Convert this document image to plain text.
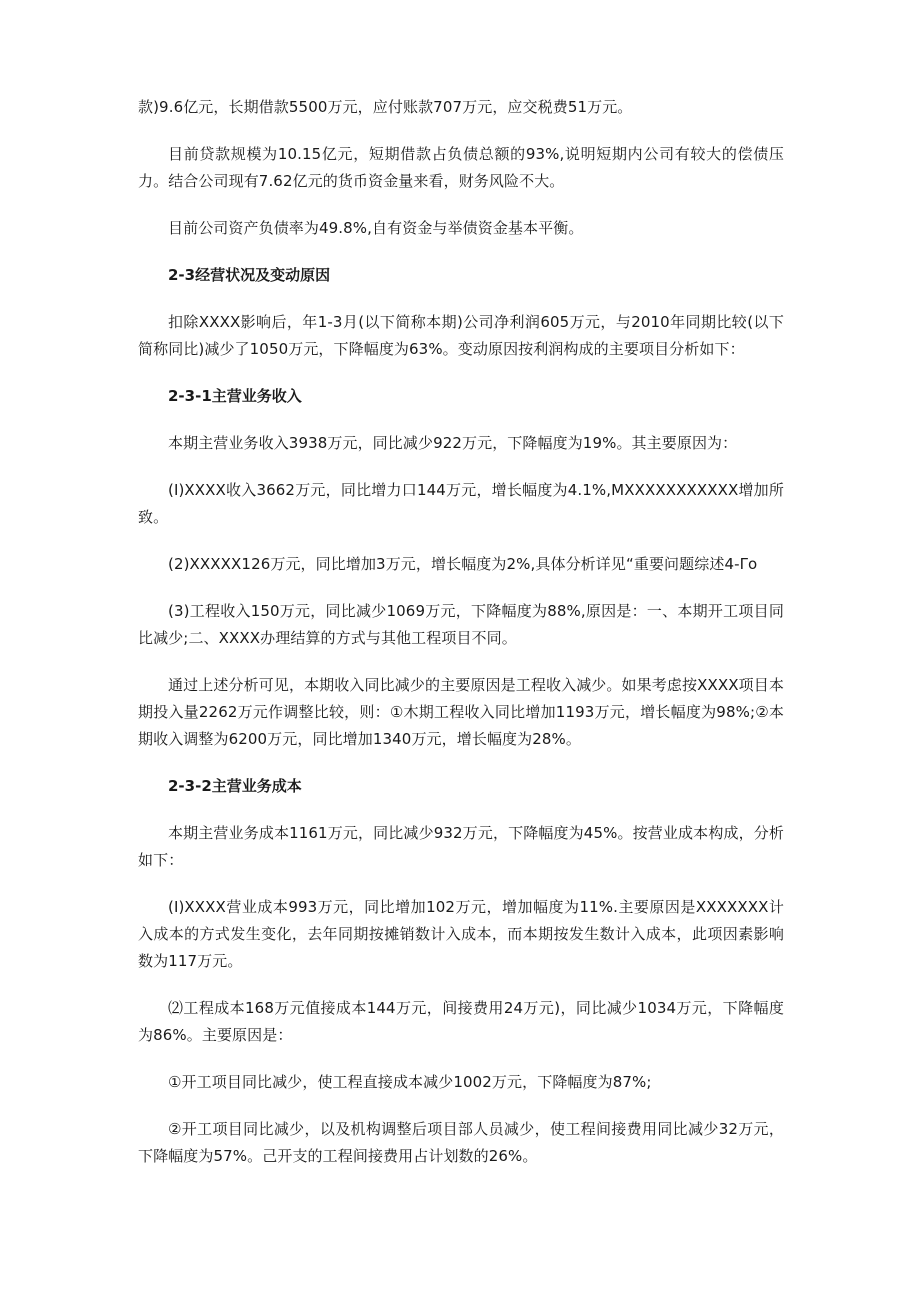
款)9.6亿元，长期借款5500万元，应付账款707万元，应交税费51万元。

目前贷款规模为10.15亿元，短期借款占负债总额的93%,说明短期内公司有较大的偿债压力。结合公司现有7.62亿元的货币资金量来看，财务风险不大。

目前公司资产负债率为49.8%,自有资金与举债资金基本平衡。

2-3经营状况及变动原因

扣除XXXX影响后，年1-3月(以下简称本期)公司净利润605万元，与2010年同期比较(以下简称同比)减少了1050万元，下降幅度为63%。变动原因按利润构成的主要项目分析如下：

2-3-1主营业务收入

本期主营业务收入3938万元，同比减少922万元，下降幅度为19%。其主要原因为：

(I)XXXX收入3662万元，同比增力口144万元，增长幅度为4.1%,MXXXXXXXXXXX增加所致。

(2)XXXXX126万元，同比增加3万元，增长幅度为2%,具体分析详见“重要问题综述4-Γo

(3)工程收入150万元，同比减少1069万元，下降幅度为88%,原因是：一、本期开工项目同比减少;二、XXXX办理结算的方式与其他工程项目不同。

通过上述分析可见，本期收入同比减少的主要原因是工程收入减少。如果考虑按XXXX项目本期投入量2262万元作调整比较，则：①木期工程收入同比增加1193万元，增长幅度为98%;②本期收入调整为6200万元，同比增加1340万元，增长幅度为28%。

2-3-2主营业务成本

本期主营业务成本1161万元，同比减少932万元，下降幅度为45%。按营业成本构成，分析如下：

(I)XXXX营业成本993万元，同比增加102万元，增加幅度为11%.主要原因是XXXXXXX计入成本的方式发生变化，去年同期按摊销数计入成本，而本期按发生数计入成本，此项因素影响数为117万元。

⑵工程成本168万元值接成本144万元，间接费用24万元)，同比减少1034万元，下降幅度为86%。主要原因是：

①开工项目同比减少，使工程直接成本减少1002万元，下降幅度为87%;

②开工项目同比减少，以及机构调整后项目部人员减少，使工程间接费用同比减少32万元，下降幅度为57%。己开支的工程间接费用占计划数的26%。
